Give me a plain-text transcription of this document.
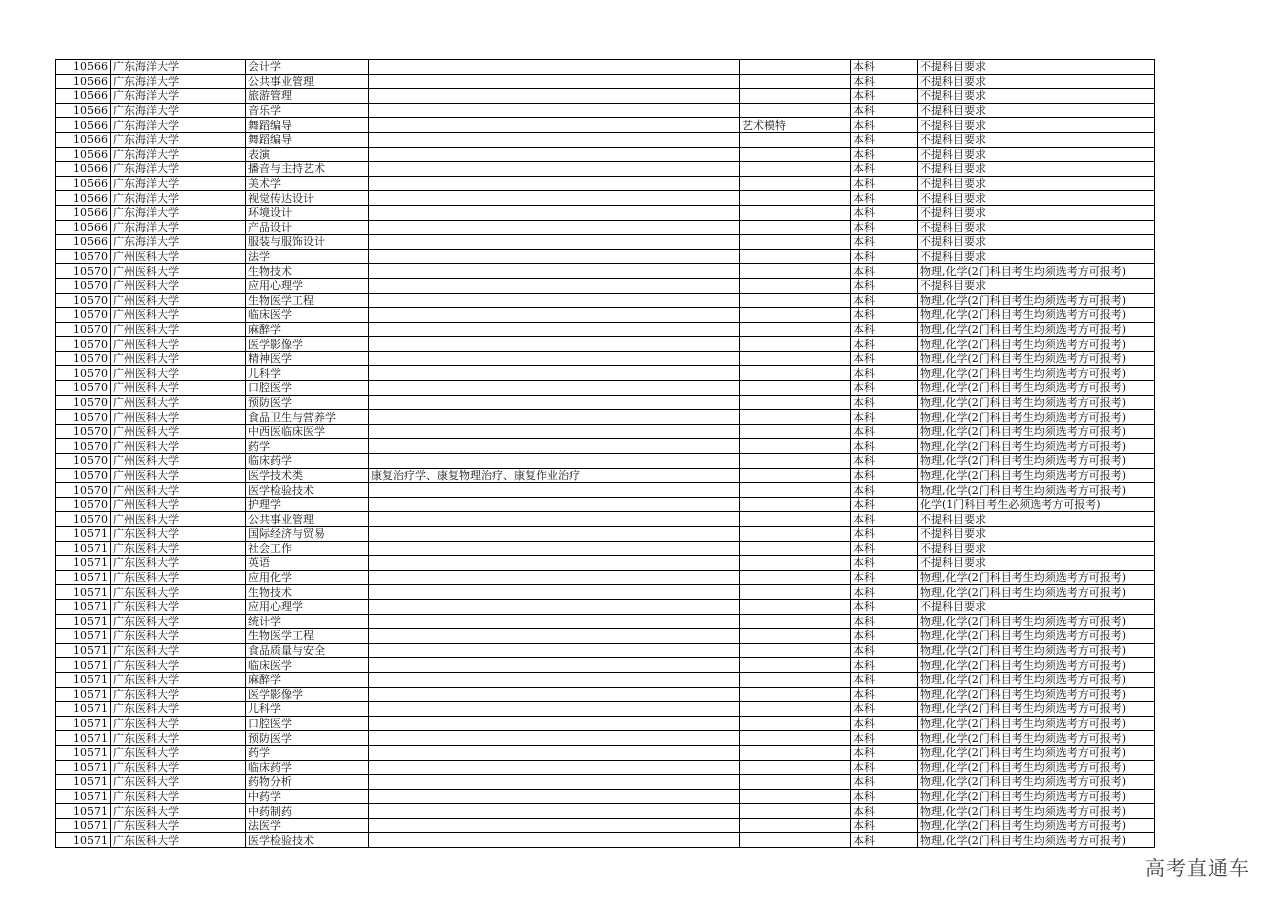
10566	广东海洋大学	会计学			本科	不提科目要求
10566	广东海洋大学	公共事业管理			本科	不提科目要求
10566	广东海洋大学	旅游管理			本科	不提科目要求
10566	广东海洋大学	音乐学			本科	不提科目要求
10566	广东海洋大学	舞蹈编导		艺术模特	本科	不提科目要求
10566	广东海洋大学	舞蹈编导			本科	不提科目要求
10566	广东海洋大学	表演			本科	不提科目要求
10566	广东海洋大学	播音与主持艺术			本科	不提科目要求
10566	广东海洋大学	美术学			本科	不提科目要求
10566	广东海洋大学	视觉传达设计			本科	不提科目要求
10566	广东海洋大学	环境设计			本科	不提科目要求
10566	广东海洋大学	产品设计			本科	不提科目要求
10566	广东海洋大学	服装与服饰设计			本科	不提科目要求
10570	广州医科大学	法学			本科	不提科目要求
10570	广州医科大学	生物技术			本科	物理,化学(2门科目考生均须选考方可报考)
10570	广州医科大学	应用心理学			本科	不提科目要求
10570	广州医科大学	生物医学工程			本科	物理,化学(2门科目考生均须选考方可报考)
10570	广州医科大学	临床医学			本科	物理,化学(2门科目考生均须选考方可报考)
10570	广州医科大学	麻醉学			本科	物理,化学(2门科目考生均须选考方可报考)
10570	广州医科大学	医学影像学			本科	物理,化学(2门科目考生均须选考方可报考)
10570	广州医科大学	精神医学			本科	物理,化学(2门科目考生均须选考方可报考)
10570	广州医科大学	儿科学			本科	物理,化学(2门科目考生均须选考方可报考)
10570	广州医科大学	口腔医学			本科	物理,化学(2门科目考生均须选考方可报考)
10570	广州医科大学	预防医学			本科	物理,化学(2门科目考生均须选考方可报考)
10570	广州医科大学	食品卫生与营养学			本科	物理,化学(2门科目考生均须选考方可报考)
10570	广州医科大学	中西医临床医学			本科	物理,化学(2门科目考生均须选考方可报考)
10570	广州医科大学	药学			本科	物理,化学(2门科目考生均须选考方可报考)
10570	广州医科大学	临床药学			本科	物理,化学(2门科目考生均须选考方可报考)
10570	广州医科大学	医学技术类	康复治疗学、康复物理治疗、康复作业治疗		本科	物理,化学(2门科目考生均须选考方可报考)
10570	广州医科大学	医学检验技术			本科	物理,化学(2门科目考生均须选考方可报考)
10570	广州医科大学	护理学			本科	化学(1门科目考生必须选考方可报考)
10570	广州医科大学	公共事业管理			本科	不提科目要求
10571	广东医科大学	国际经济与贸易			本科	不提科目要求
10571	广东医科大学	社会工作			本科	不提科目要求
10571	广东医科大学	英语			本科	不提科目要求
10571	广东医科大学	应用化学			本科	物理,化学(2门科目考生均须选考方可报考)
10571	广东医科大学	生物技术			本科	物理,化学(2门科目考生均须选考方可报考)
10571	广东医科大学	应用心理学			本科	不提科目要求
10571	广东医科大学	统计学			本科	物理,化学(2门科目考生均须选考方可报考)
10571	广东医科大学	生物医学工程			本科	物理,化学(2门科目考生均须选考方可报考)
10571	广东医科大学	食品质量与安全			本科	物理,化学(2门科目考生均须选考方可报考)
10571	广东医科大学	临床医学			本科	物理,化学(2门科目考生均须选考方可报考)
10571	广东医科大学	麻醉学			本科	物理,化学(2门科目考生均须选考方可报考)
10571	广东医科大学	医学影像学			本科	物理,化学(2门科目考生均须选考方可报考)
10571	广东医科大学	儿科学			本科	物理,化学(2门科目考生均须选考方可报考)
10571	广东医科大学	口腔医学			本科	物理,化学(2门科目考生均须选考方可报考)
10571	广东医科大学	预防医学			本科	物理,化学(2门科目考生均须选考方可报考)
10571	广东医科大学	药学			本科	物理,化学(2门科目考生均须选考方可报考)
10571	广东医科大学	临床药学			本科	物理,化学(2门科目考生均须选考方可报考)
10571	广东医科大学	药物分析			本科	物理,化学(2门科目考生均须选考方可报考)
10571	广东医科大学	中药学			本科	物理,化学(2门科目考生均须选考方可报考)
10571	广东医科大学	中药制药			本科	物理,化学(2门科目考生均须选考方可报考)
10571	广东医科大学	法医学			本科	物理,化学(2门科目考生均须选考方可报考)
10571	广东医科大学	医学检验技术			本科	物理,化学(2门科目考生均须选考方可报考)
高考直通车
